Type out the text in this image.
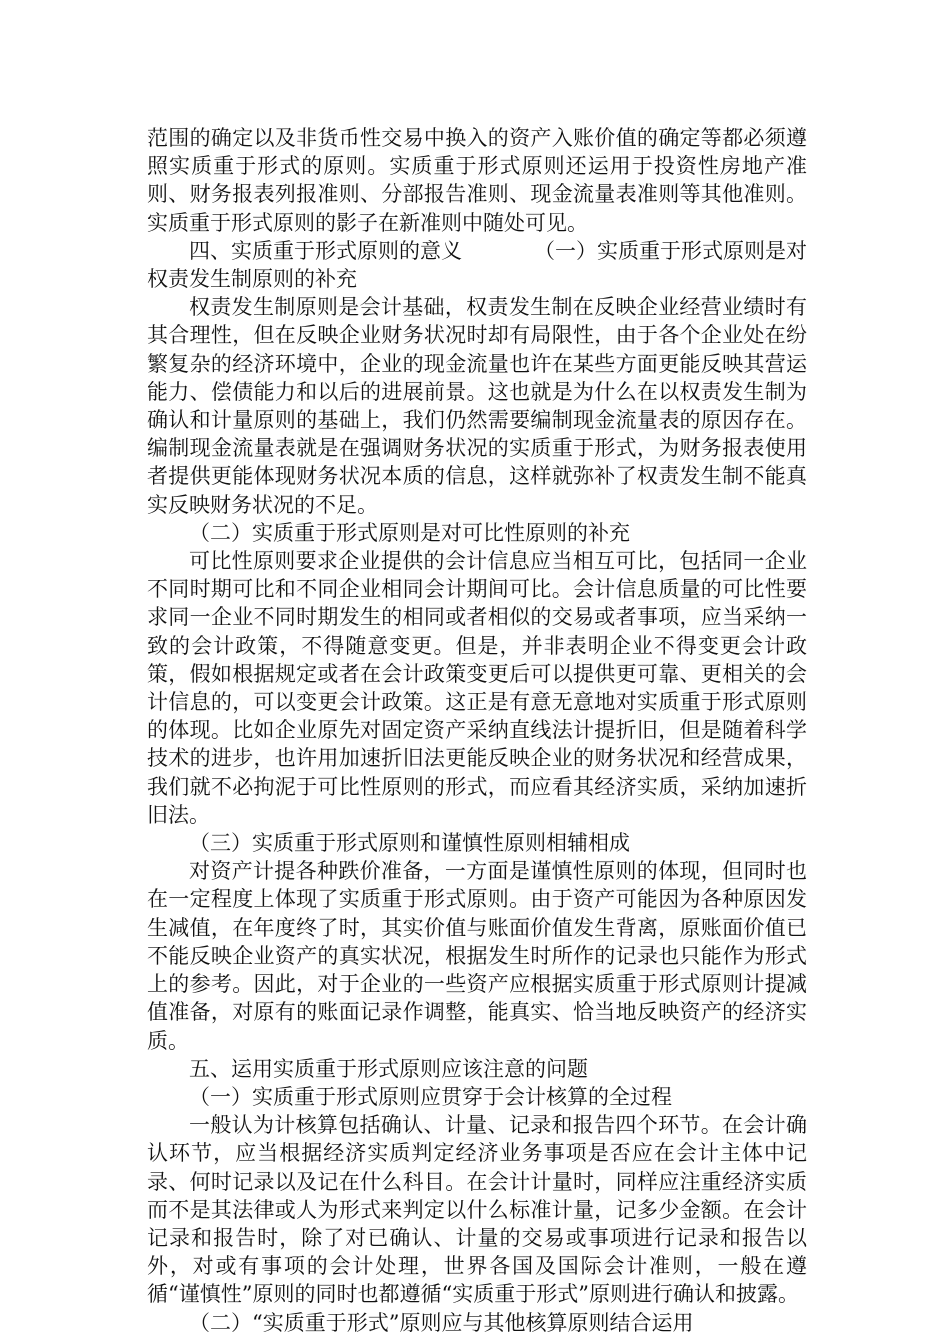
范围的确定以及非货币性交易中换入的资产入账价值的确定等都必须遵照实质重于形式的原则。实质重于形式原则还运用于投资性房地产准则、财务报表列报准则、分部报告准则、现金流量表准则等其他准则。实质重于形式原则的影子在新准则中随处可见。

四、实质重于形式原则的意义	（一）实质重于形式原则是对权责发生制原则的补充

权责发生制原则是会计基础，权责发生制在反映企业经营业绩时有其合理性，但在反映企业财务状况时却有局限性，由于各个企业处在纷繁复杂的经济环境中，企业的现金流量也许在某些方面更能反映其营运能力、偿债能力和以后的进展前景。这也就是为什么在以权责发生制为确认和计量原则的基础上，我们仍然需要编制现金流量表的原因存在。编制现金流量表就是在强调财务状况的实质重于形式，为财务报表使用者提供更能体现财务状况本质的信息，这样就弥补了权责发生制不能真实反映财务状况的不足。

（二）实质重于形式原则是对可比性原则的补充

可比性原则要求企业提供的会计信息应当相互可比，包括同一企业不同时期可比和不同企业相同会计期间可比。会计信息质量的可比性要求同一企业不同时期发生的相同或者相似的交易或者事项，应当采纳一致的会计政策，不得随意变更。但是，并非表明企业不得变更会计政策，假如根据规定或者在会计政策变更后可以提供更可靠、更相关的会计信息的，可以变更会计政策。这正是有意无意地对实质重于形式原则的体现。比如企业原先对固定资产采纳直线法计提折旧，但是随着科学技术的进步，也许用加速折旧法更能反映企业的财务状况和经营成果，我们就不必拘泥于可比性原则的形式，而应看其经济实质，采纳加速折旧法。

（三）实质重于形式原则和谨慎性原则相辅相成

对资产计提各种跌价准备，一方面是谨慎性原则的体现，但同时也在一定程度上体现了实质重于形式原则。由于资产可能因为各种原因发生减值，在年度终了时，其实价值与账面价值发生背离，原账面价值已不能反映企业资产的真实状况，根据发生时所作的记录也只能作为形式上的参考。因此，对于企业的一些资产应根据实质重于形式原则计提减值准备，对原有的账面记录作调整，能真实、恰当地反映资产的经济实质。

五、运用实质重于形式原则应该注意的问题

（一）实质重于形式原则应贯穿于会计核算的全过程

一般认为计核算包括确认、计量、记录和报告四个环节。在会计确认环节，应当根据经济实质判定经济业务事项是否应在会计主体中记录、何时记录以及记在什么科目。在会计计量时，同样应注重经济实质而不是其法律或人为形式来判定以什么标准计量，记多少金额。在会计记录和报告时，除了对已确认、计量的交易或事项进行记录和报告以外，对或有事项的会计处理，世界各国及国际会计准则，一般在遵循“谨慎性”原则的同时也都遵循“实质重于形式”原则进行确认和披露。

（二）“实质重于形式”原则应与其他核算原则结合运用
